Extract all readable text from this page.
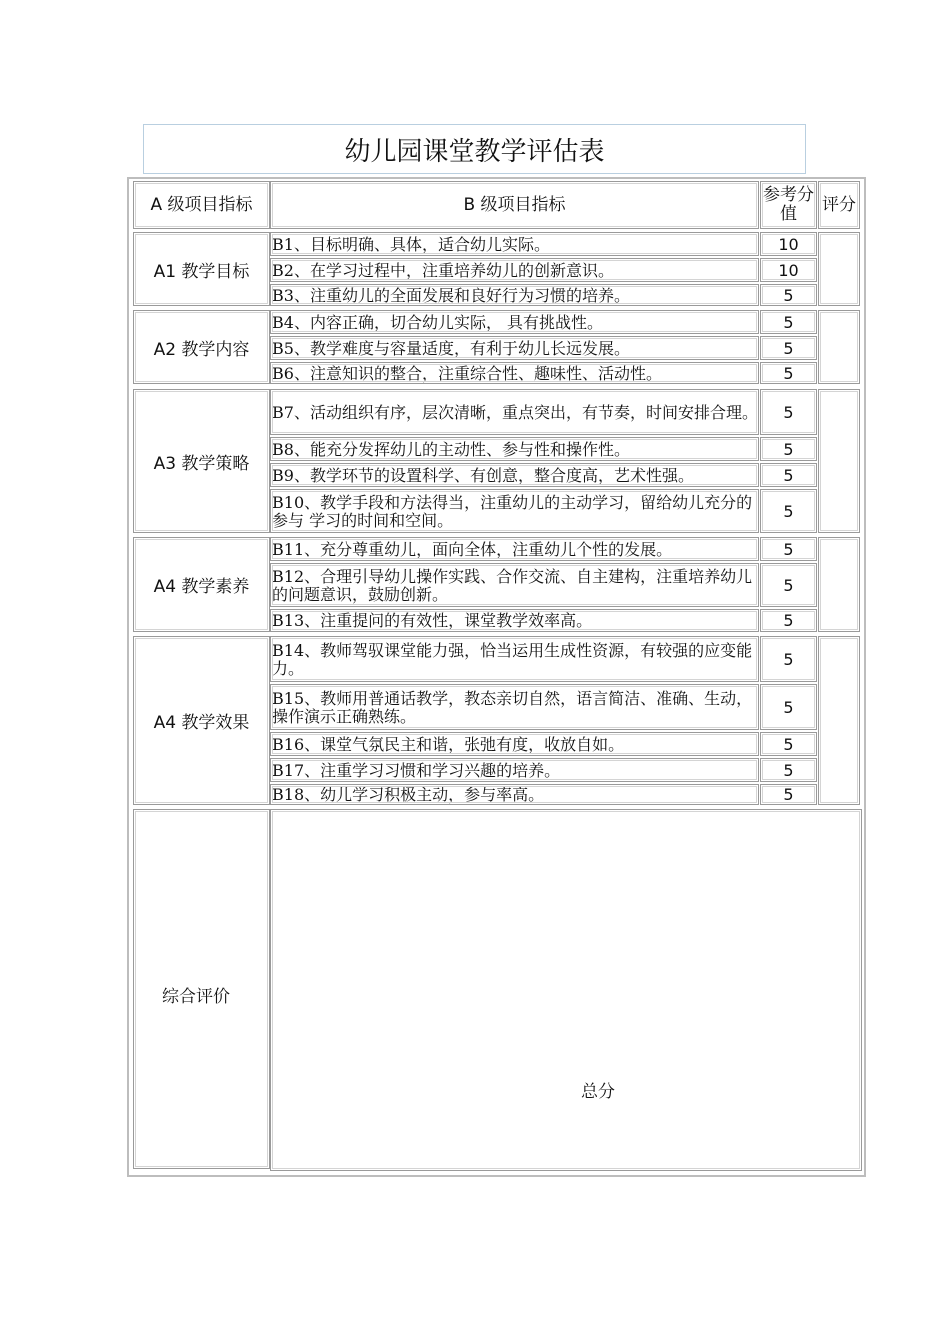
幼儿园课堂教学评估表
A 级项目指标	B 级项目指标	参考分值	评分
A1 教学目标
B1、目标明确、具体，适合幼儿实际。	10
B2、在学习过程中，注重培养幼儿的创新意识。	10
B3、注重幼儿的全面发展和良好行为习惯的培养。	5
A2 教学内容
B4、内容正确，切合幼儿实际， 具有挑战性。	5
B5、教学难度与容量适度，有利于幼儿长远发展。	5
B6、注意知识的整合，注重综合性、趣味性、活动性。	5
A3 教学策略
B7、活动组织有序，层次清晰，重点突出，有节奏，时间安排合理。 5
B8、能充分发挥幼儿的主动性、参与性和操作性。	5
B9、教学环节的设置科学、有创意，整合度高，艺术性强。	5
B10、教学手段和方法得当，注重幼儿的主动学习，留给幼儿充分的参与 学习的时间和空间。	5
A4 教学素养
B11、充分尊重幼儿，面向全体，注重幼儿个性的发展。	5
B12、合理引导幼儿操作实践、合作交流、自主建构，注重培养幼儿的问题意识，鼓励创新。	5
B13、注重提问的有效性，课堂教学效率高。	5
A4 教学效果
B14、教师驾驭课堂能力强，恰当运用生成性资源，有较强的应变能力。	5
B15、教师用普通话教学，教态亲切自然，语言简洁、准确、生动，操作演示正确熟练。	5
B16、课堂气氛民主和谐，张弛有度，收放自如。	5
B17、注重学习习惯和学习兴趣的培养。	5
B18、幼儿学习积极主动，参与率高。	5
综合评价
总分
